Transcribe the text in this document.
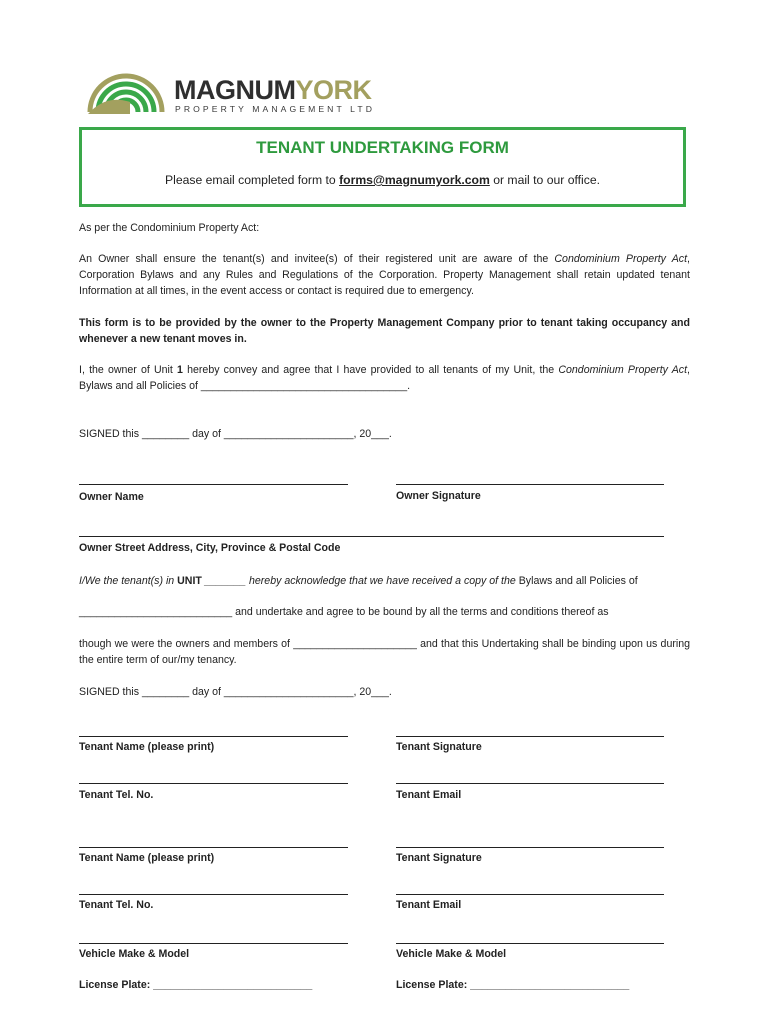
MAGNUMYORK
PROPERTY MANAGEMENT LTD
TENANT UNDERTAKING FORM
Please email completed form to forms@magnumyork.com or mail to our office.
As per the Condominium Property Act:
An Owner shall ensure the tenant(s) and invitee(s) of their registered unit are aware of the Condominium Property Act, Corporation Bylaws and any Rules and Regulations of the Corporation. Property Management shall retain updated tenant Information at all times, in the event access or contact is required due to emergency.
This form is to be provided by the owner to the Property Management Company prior to tenant taking occupancy and whenever a new tenant moves in.
I, the owner of Unit 1 hereby convey and agree that I have provided to all tenants of my Unit, the Condominium Property Act, Bylaws and all Policies of ___________________________________.
SIGNED this ________ day of ______________________, 20___.
Owner Name	Owner Signature
Owner Street Address, City, Province & Postal Code
I/We the tenant(s) in UNIT _______ hereby acknowledge that we have received a copy of the Bylaws and all Policies of
__________________________ and undertake and agree to be bound by all the terms and conditions thereof as
though we were the owners and members of _____________________ and that this Undertaking shall be binding upon us during the entire term of our/my tenancy.
SIGNED this ________ day of ______________________, 20___.
Tenant Name (please print)	Tenant Signature
Tenant Tel. No.	Tenant Email
Tenant Name (please print)	Tenant Signature
Tenant Tel. No.	Tenant Email
Vehicle Make & Model	Vehicle Make & Model
License Plate: ___________________________	License Plate: ___________________________
